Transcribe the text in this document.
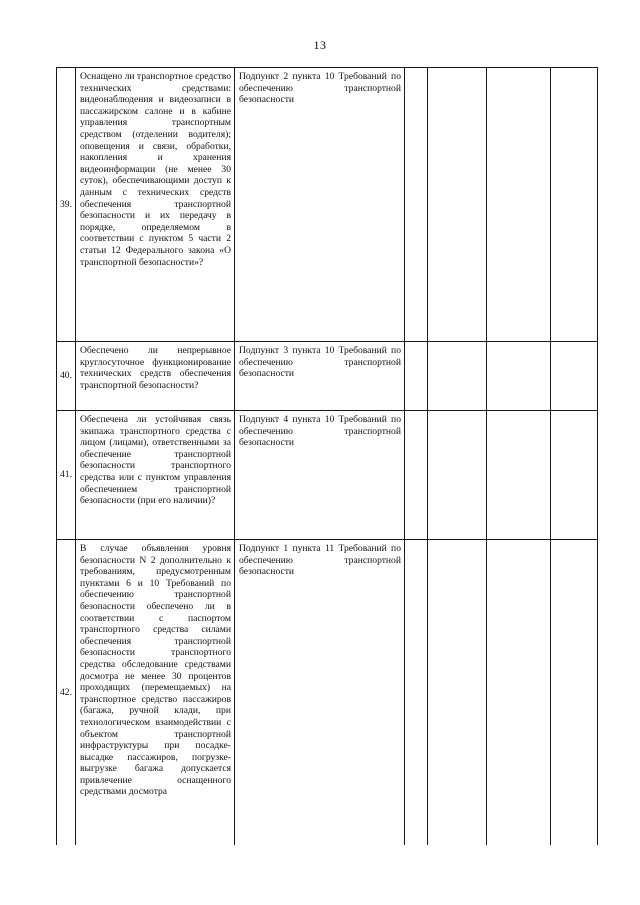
13
39.	Оснащено ли транспортное средство технических средствами: видеонаблюдения и видеозаписи в пассажирском салоне и в кабине управления транспортным средством (отделении водителя); оповещения и связи, обработки, накопления и хранения видеоинформации (не менее 30 суток), обеспечивающими доступ к данным с технических средств обеспечения транспортной безопасности и их передачу в порядке, определяемом в соответствии с пунктом 5 части 2 статьи 12 Федерального закона «О транспортной безопасности»?	Подпункт 2 пункта 10 Требований по обеспечению транспортной безопасности				
40.	Обеспечено ли непрерывное круглосуточное функционирование технических средств обеспечения транспортной безопасности?	Подпункт 3 пункта 10 Требований по обеспечению транспортной безопасности				
41.	Обеспечена ли устойчивая связь экипажа транспортного средства с лицом (лицами), ответственными за обеспечение транспортной безопасности транспортного средства или с пунктом управления обеспечением транспортной безопасности (при его наличии)?	Подпункт 4 пункта 10 Требований по обеспечению транспортной безопасности				
42.	В случае объявления уровня безопасности N 2 дополнительно к требованиям, предусмотренным пунктами 6 и 10 Требований по обеспечению транспортной безопасности обеспечено ли в соответствии с паспортом транспортного средства силами обеспечения транспортной безопасности транспортного средства обследование средствами досмотра не менее 30 процентов проходящих (перемещаемых) на транспортное средство пассажиров (багажа, ручной клади, при технологическом взаимодействии с объектом транспортной инфраструктуры при посадке-высадке пассажиров, погрузке-выгрузке багажа допускается привлечение оснащенного средствами досмотра	Подпункт 1 пункта 11 Требований по обеспечению транспортной безопасности				
